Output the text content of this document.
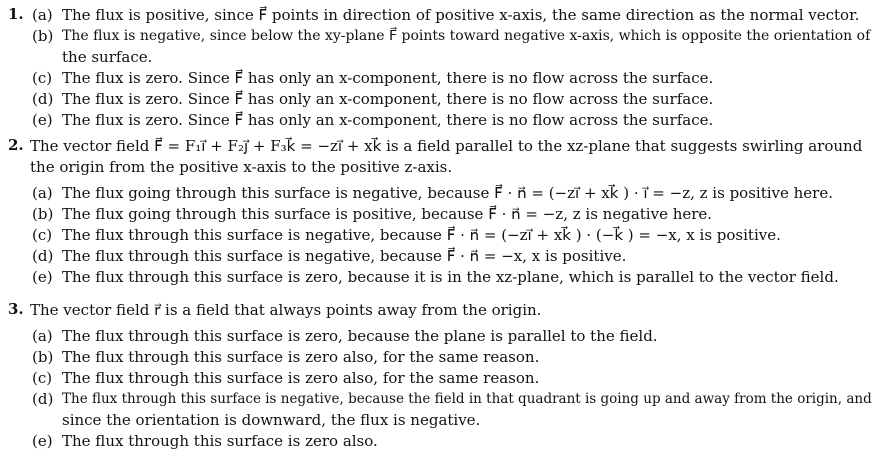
1. (a) The flux is positive, since F⃗ points in direction of positive x-axis, the same direction as the normal vector.
(b) The flux is negative, since below the xy-plane F⃗ points toward negative x-axis, which is opposite the orientation of
the surface.
(c) The flux is zero. Since F⃗ has only an x-component, there is no flow across the surface.
(d) The flux is zero. Since F⃗ has only an x-component, there is no flow across the surface.
(e) The flux is zero. Since F⃗ has only an x-component, there is no flow across the surface.
2. The vector field F⃗ = F₁i⃗ + F₂j⃗ + F₃k⃗ = −zi⃗ + xk⃗ is a field parallel to the xz-plane that suggests swirling around
the origin from the positive x-axis to the positive z-axis.
(a) The flux going through this surface is negative, because F⃗ · n⃗ = (−zi⃗ + xk⃗ ) · i⃗ = −z, z is positive here.
(b) The flux going through this surface is positive, because F⃗ · n⃗ = −z, z is negative here.
(c) The flux through this surface is negative, because F⃗ · n⃗ = (−zi⃗ + xk⃗ ) · (−k⃗ ) = −x, x is positive.
(d) The flux through this surface is negative, because F⃗ · n⃗ = −x, x is positive.
(e) The flux through this surface is zero, because it is in the xz-plane, which is parallel to the vector field.
3. The vector field r⃗ is a field that always points away from the origin.
(a) The flux through this surface is zero, because the plane is parallel to the field.
(b) The flux through this surface is zero also, for the same reason.
(c) The flux through this surface is zero also, for the same reason.
(d) The flux through this surface is negative, because the field in that quadrant is going up and away from the origin, and
since the orientation is downward, the flux is negative.
(e) The flux through this surface is zero also.
